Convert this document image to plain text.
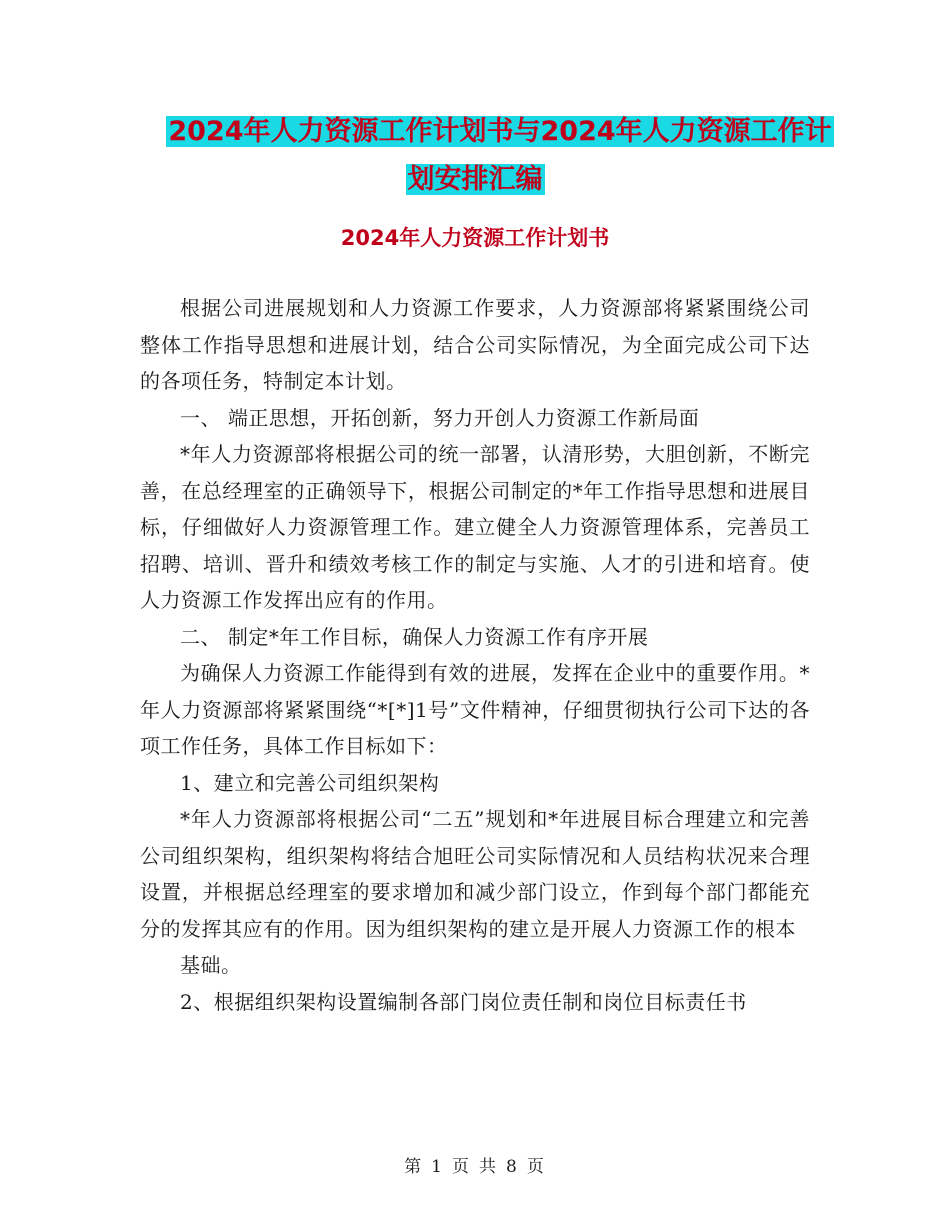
2024年人力资源工作计划书与2024年人力资源工作计
划安排汇编
2024年人力资源工作计划书

根据公司进展规划和人力资源工作要求，人力资源部将紧紧围绕公司整体工作指导思想和进展计划，结合公司实际情况，为全面完成公司下达的各项任务，特制定本计划。

一、 端正思想，开拓创新，努力开创人力资源工作新局面

*年人力资源部将根据公司的统一部署，认清形势，大胆创新，不断完善，在总经理室的正确领导下，根据公司制定的*年工作指导思想和进展目标，仔细做好人力资源管理工作。建立健全人力资源管理体系，完善员工招聘、培训、晋升和绩效考核工作的制定与实施、人才的引进和培育。使人力资源工作发挥出应有的作用。

二、 制定*年工作目标，确保人力资源工作有序开展

为确保人力资源工作能得到有效的进展，发挥在企业中的重要作用。*年人力资源部将紧紧围绕“*[*]1号”文件精神，仔细贯彻执行公司下达的各项工作任务，具体工作目标如下：

1、建立和完善公司组织架构

*年人力资源部将根据公司“二五”规划和*年进展目标合理建立和完善公司组织架构，组织架构将结合旭旺公司实际情况和人员结构状况来合理设置，并根据总经理室的要求增加和减少部门设立，作到每个部门都能充分的发挥其应有的作用。因为组织架构的建立是开展人力资源工作的根本

基础。

2、根据组织架构设置编制各部门岗位责任制和岗位目标责任书

第 1 页 共 8 页
